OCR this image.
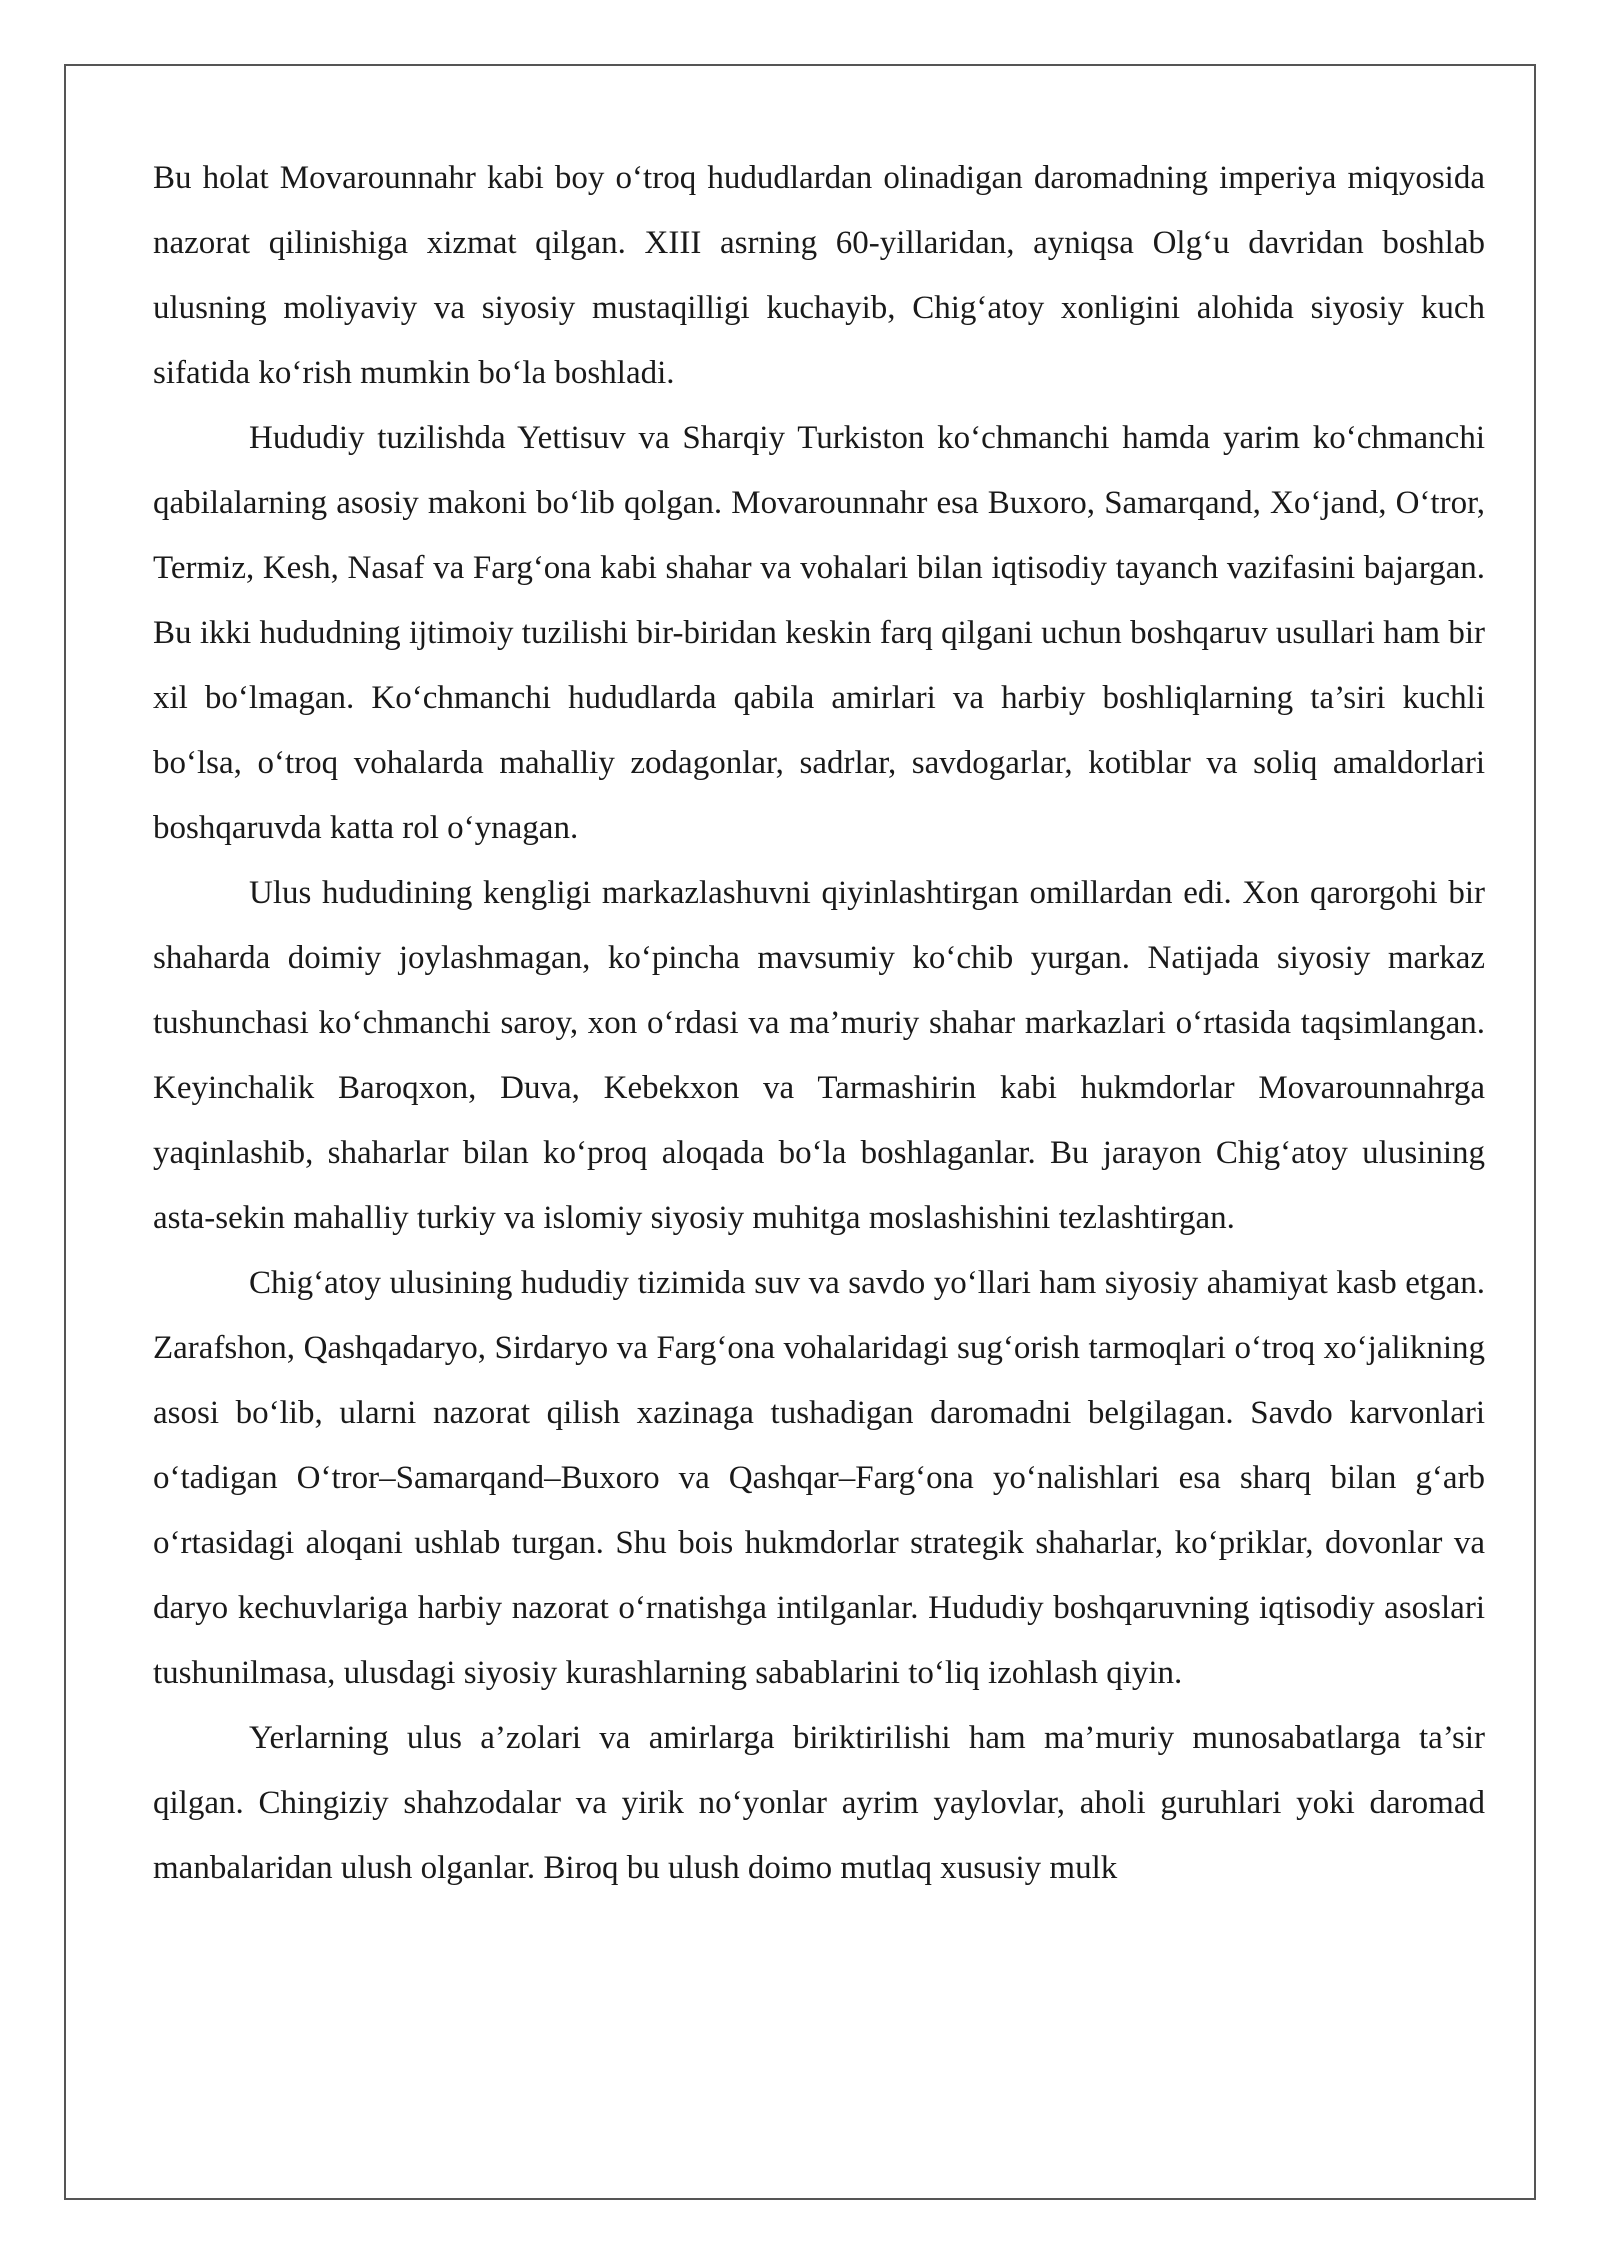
Bu holat Movarounnahr kabi boy o‘troq hududlardan olinadigan daromadning imperiya miqyosida nazorat qilinishiga xizmat qilgan. XIII asrning 60-yillaridan, ayniqsa Olg‘u davridan boshlab ulusning moliyaviy va siyosiy mustaqilligi kuchayib, Chig‘atoy xonligini alohida siyosiy kuch sifatida ko‘rish mumkin bo‘la boshladi.

Hududiy tuzilishda Yettisuv va Sharqiy Turkiston ko‘chmanchi hamda yarim ko‘chmanchi qabilalarning asosiy makoni bo‘lib qolgan. Movarounnahr esa Buxoro, Samarqand, Xo‘jand, O‘tror, Termiz, Kesh, Nasaf va Farg‘ona kabi shahar va vohalari bilan iqtisodiy tayanch vazifasini bajargan. Bu ikki hududning ijtimoiy tuzilishi bir-biridan keskin farq qilgani uchun boshqaruv usullari ham bir xil bo‘lmagan. Ko‘chmanchi hududlarda qabila amirlari va harbiy boshliqlarning ta’siri kuchli bo‘lsa, o‘troq vohalarda mahalliy zodagonlar, sadrlar, savdogarlar, kotiblar va soliq amaldorlari boshqaruvda katta rol o‘ynagan.

Ulus hududining kengligi markazlashuvni qiyinlashtirgan omillardan edi. Xon qarorgohi bir shaharda doimiy joylashmagan, ko‘pincha mavsumiy ko‘chib yurgan. Natijada siyosiy markaz tushunchasi ko‘chmanchi saroy, xon o‘rdasi va ma’muriy shahar markazlari o‘rtasida taqsimlangan. Keyinchalik Baroqxon, Duva, Kebekxon va Tarmashirin kabi hukmdorlar Movarounnahrga yaqinlashib, shaharlar bilan ko‘proq aloqada bo‘la boshlaganlar. Bu jarayon Chig‘atoy ulusining asta-sekin mahalliy turkiy va islomiy siyosiy muhitga moslashishini tezlashtirgan.

Chig‘atoy ulusining hududiy tizimida suv va savdo yo‘llari ham siyosiy ahamiyat kasb etgan. Zarafshon, Qashqadaryo, Sirdaryo va Farg‘ona vohalaridagi sug‘orish tarmoqlari o‘troq xo‘jalikning asosi bo‘lib, ularni nazorat qilish xazinaga tushadigan daromadni belgilagan. Savdo karvonlari o‘tadigan O‘tror–Samarqand–Buxoro va Qashqar–Farg‘ona yo‘nalishlari esa sharq bilan g‘arb o‘rtasidagi aloqani ushlab turgan. Shu bois hukmdorlar strategik shaharlar, ko‘priklar, dovonlar va daryo kechuvlariga harbiy nazorat o‘rnatishga intilganlar. Hududiy boshqaruvning iqtisodiy asoslari tushunilmasa, ulusdagi siyosiy kurashlarning sabablarini to‘liq izohlash qiyin.

Yerlarning ulus a’zolari va amirlarga biriktirilishi ham ma’muriy munosabatlarga ta’sir qilgan. Chingiziy shahzodalar va yirik no‘yonlar ayrim yaylovlar, aholi guruhlari yoki daromad manbalaridan ulush olganlar. Biroq bu ulush doimo mutlaq xususiy mulk
